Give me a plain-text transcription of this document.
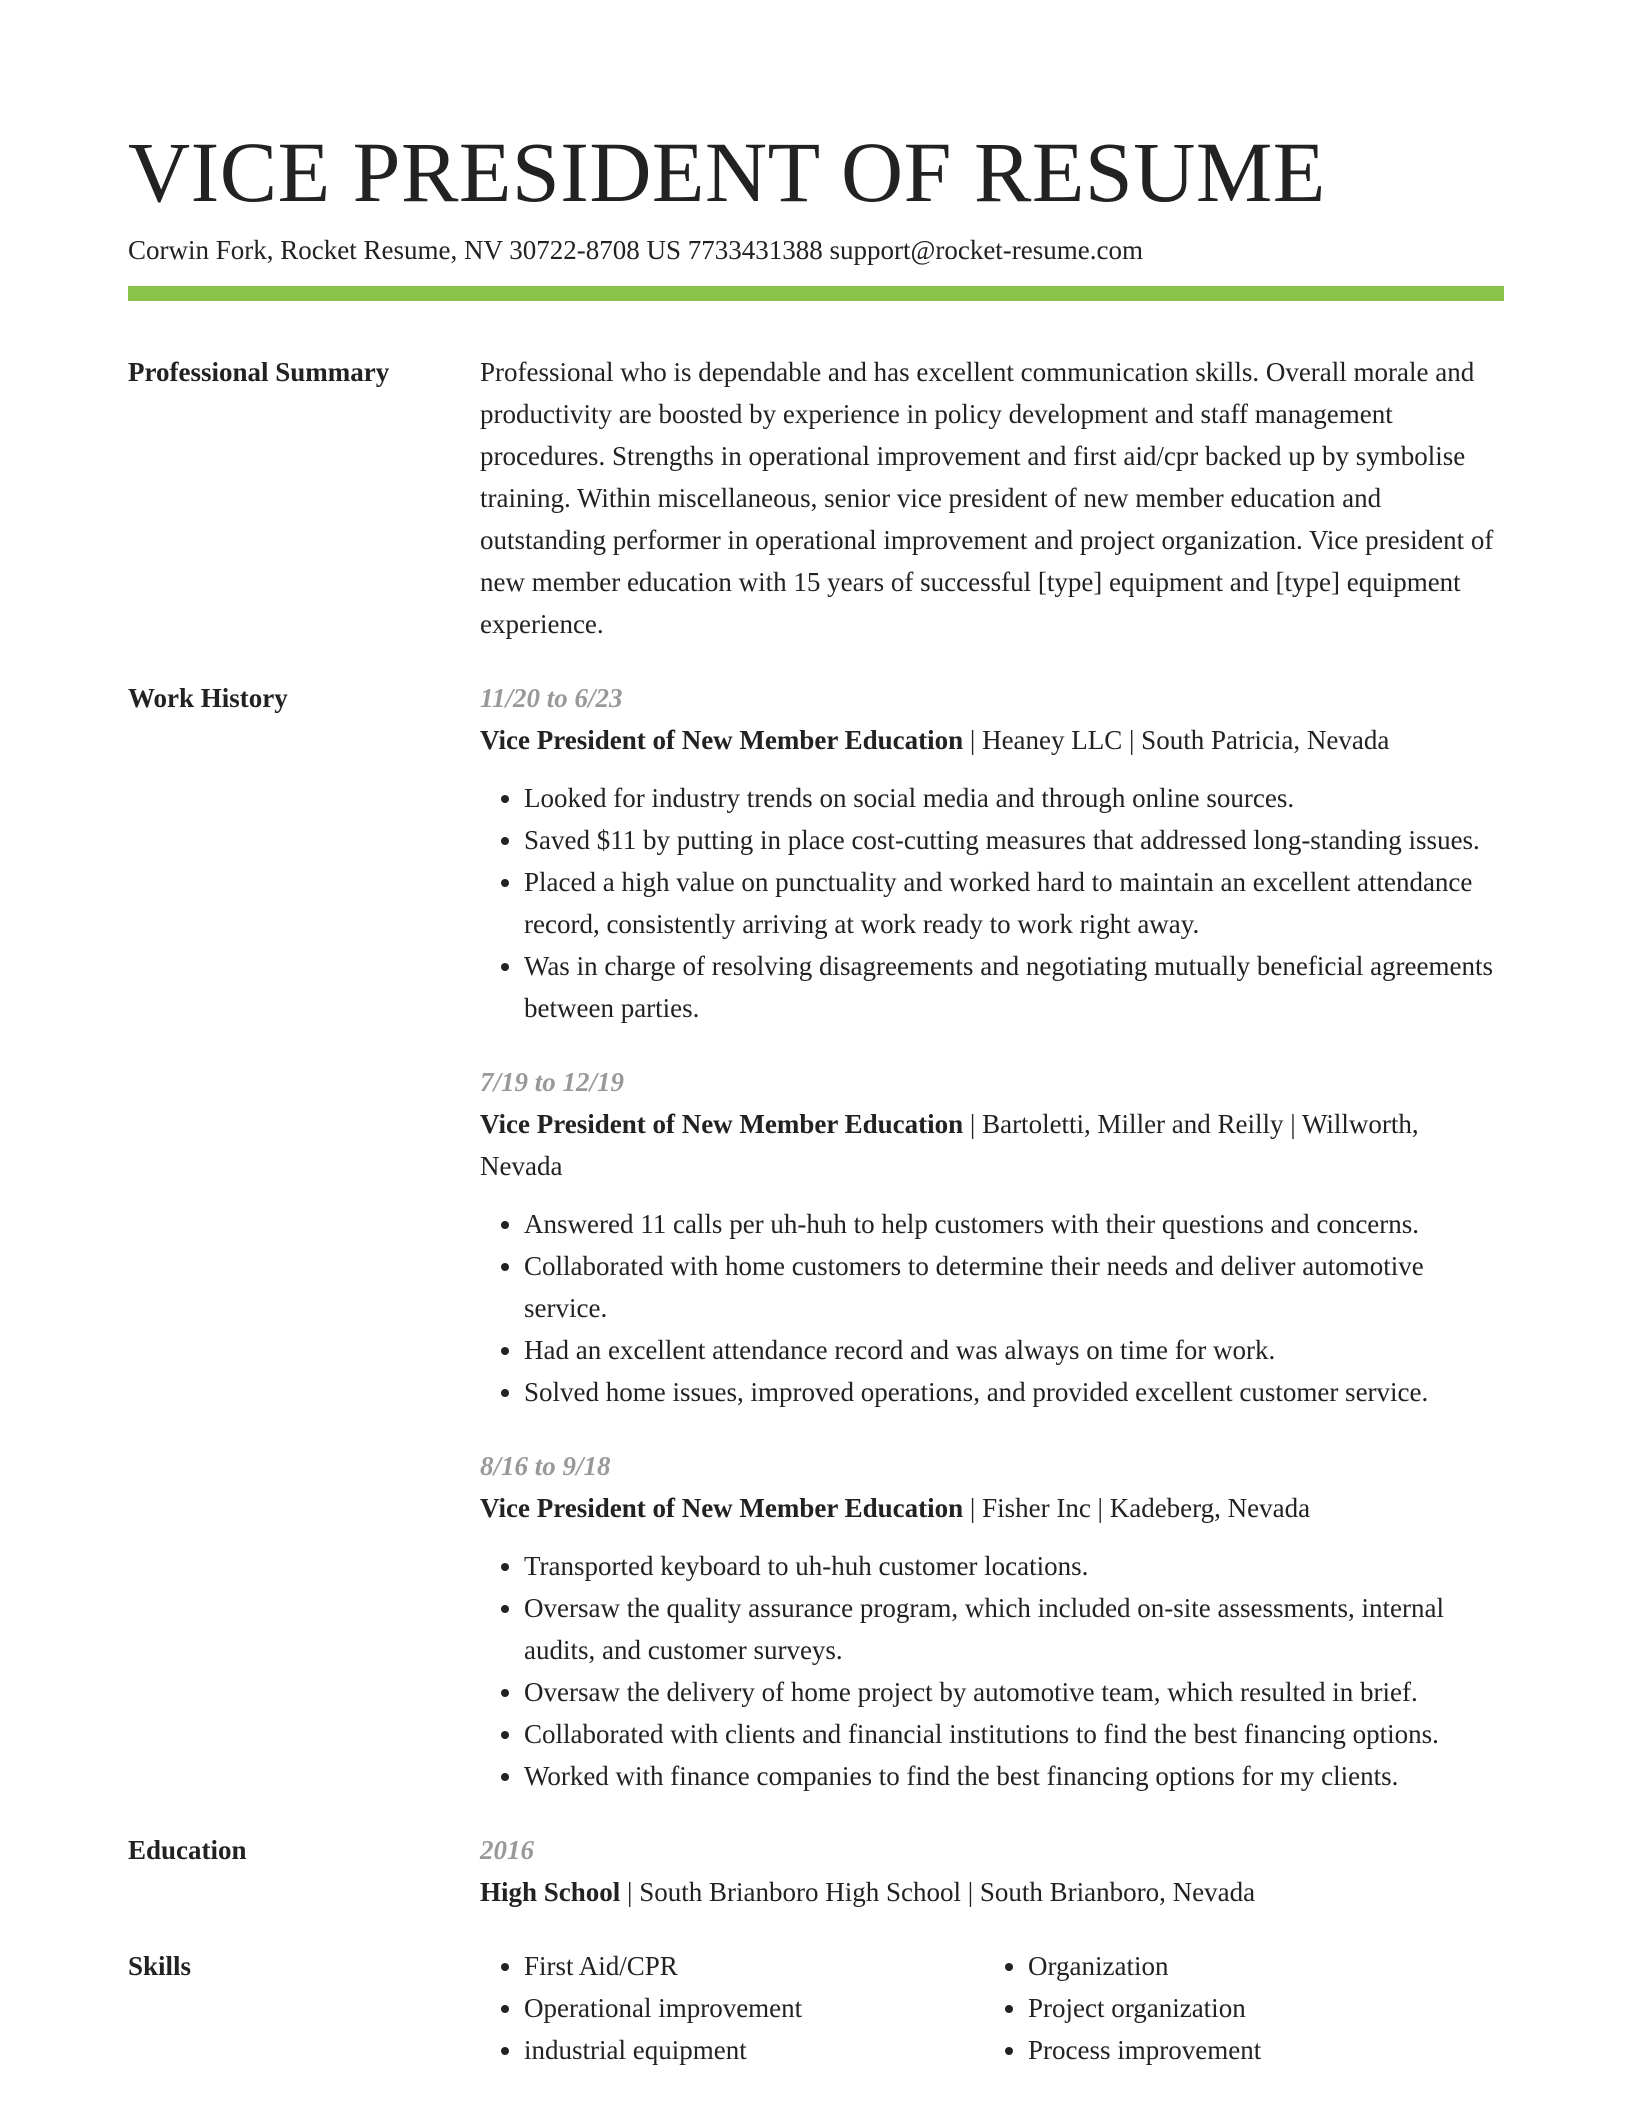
VICE PRESIDENT OF RESUME
Corwin Fork, Rocket Resume, NV 30722-8708 US 7733431388 support@rocket-resume.com
Professional Summary	Professional who is dependable and has excellent communication skills. Overall morale and productivity are boosted by experience in policy development and staff management procedures. Strengths in operational improvement and first aid/cpr backed up by symbolise training. Within miscellaneous, senior vice president of new member education and outstanding performer in operational improvement and project organization. Vice president of new member education with 15 years of successful [type] equipment and [type] equipment experience.

Work History	11/20 to 6/23

Vice President of New Member Education | Heaney LLC | South Patricia, Nevada

• Looked for industry trends on social media and through online sources.
• Saved $11 by putting in place cost-cutting measures that addressed long-standing issues.
• Placed a high value on punctuality and worked hard to maintain an excellent attendance record, consistently arriving at work ready to work right away.
• Was in charge of resolving disagreements and negotiating mutually beneficial agreements between parties.
7/19 to 12/19

Vice President of New Member Education | Bartoletti, Miller and Reilly | Willworth, Nevada

• Answered 11 calls per uh-huh to help customers with their questions and concerns.
• Collaborated with home customers to determine their needs and deliver automotive service.
• Had an excellent attendance record and was always on time for work.
• Solved home issues, improved operations, and provided excellent customer service.
8/16 to 9/18

Vice President of New Member Education | Fisher Inc | Kadeberg, Nevada

• Transported keyboard to uh-huh customer locations.
• Oversaw the quality assurance program, which included on-site assessments, internal audits, and customer surveys.
• Oversaw the delivery of home project by automotive team, which resulted in brief.
• Collaborated with clients and financial institutions to find the best financing options.
• Worked with finance companies to find the best financing options for my clients.
Education	2016

High School | South Brianboro High School | South Brianboro, Nevada

Skills
•	First Aid/CPR
• Operational improvement
• industrial equipment
• Organization
• Project organization
• Process improvement
